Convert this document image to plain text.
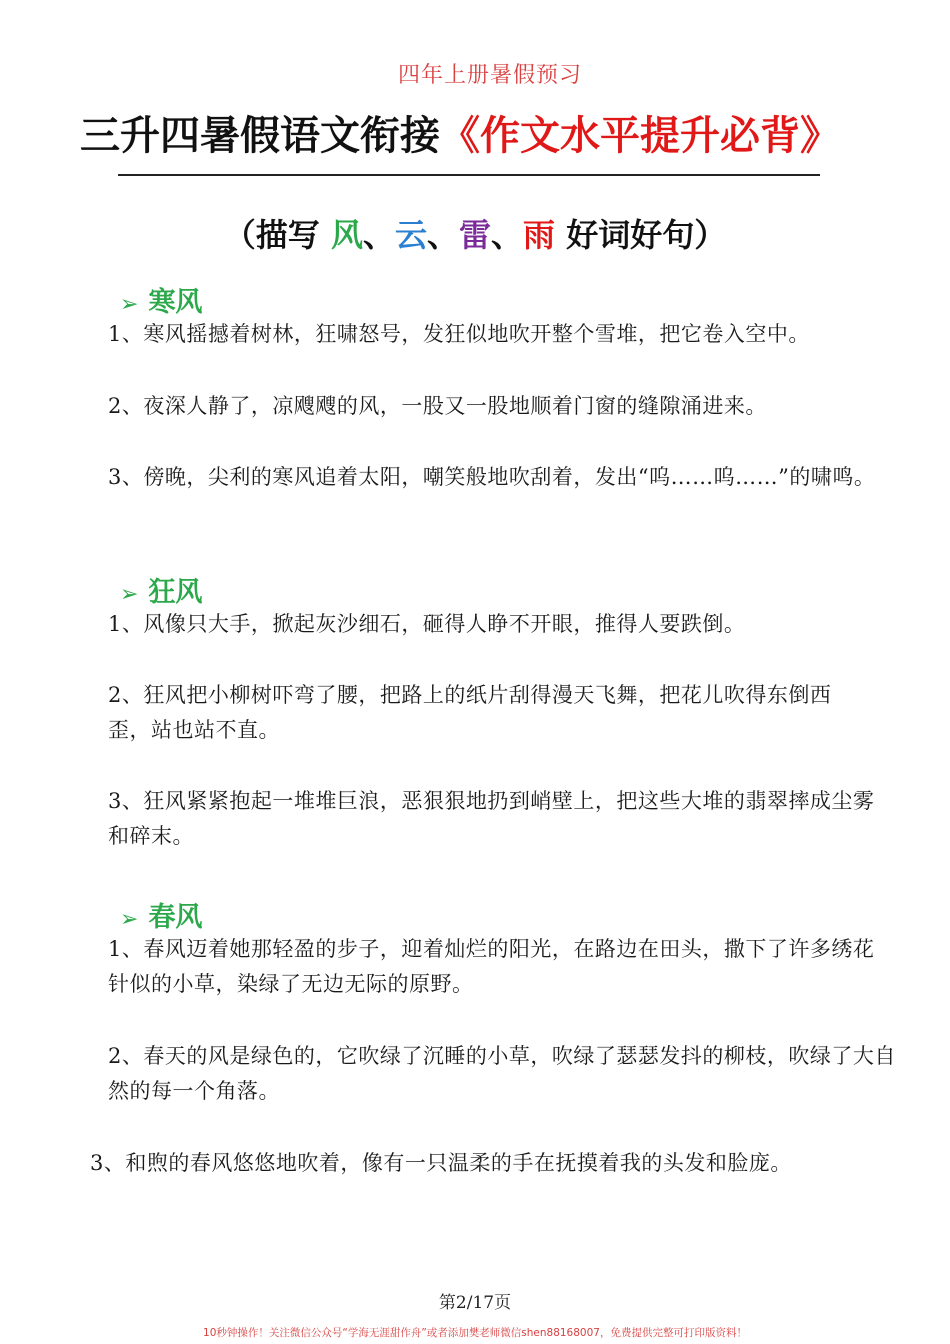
四年上册暑假预习
三升四暑假语文衔接《作文水平提升必背》
（描写 风、云、雷、雨 好词好句）
➢ 寒风
1、寒风摇撼着树林，狂啸怒号，发狂似地吹开整个雪堆，把它卷入空中。
2、夜深人静了，凉飕飕的风，一股又一股地顺着门窗的缝隙涌进来。
3、傍晚，尖利的寒风追着太阳，嘲笑般地吹刮着，发出“呜……呜……”的啸鸣。
➢ 狂风
1、风像只大手，掀起灰沙细石，砸得人睁不开眼，推得人要跌倒。
2、狂风把小柳树吓弯了腰，把路上的纸片刮得漫天飞舞，把花儿吹得东倒西歪，站也站不直。
3、狂风紧紧抱起一堆堆巨浪，恶狠狠地扔到峭壁上，把这些大堆的翡翠摔成尘雾和碎末。
➢ 春风
1、春风迈着她那轻盈的步子，迎着灿烂的阳光，在路边在田头，撒下了许多绣花针似的小草，染绿了无边无际的原野。
2、春天的风是绿色的，它吹绿了沉睡的小草，吹绿了瑟瑟发抖的柳枝，吹绿了大自然的每一个角落。
3、和煦的春风悠悠地吹着，像有一只温柔的手在抚摸着我的头发和脸庞。
第2/17页
10秒钟操作！关注微信公众号“学海无涯甜作舟”或者添加樊老师微信shen88168007，免费提供完整可打印版资料！
